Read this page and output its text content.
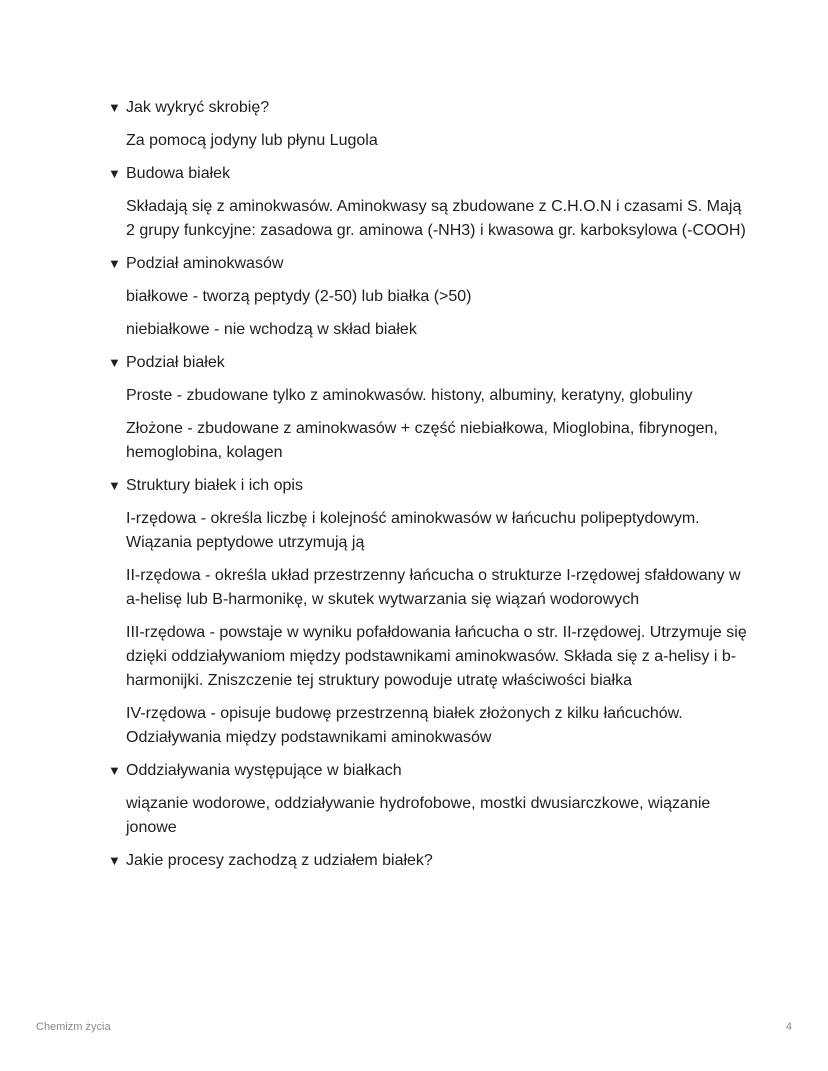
▼ Jak wykryć skrobię?

Za pomocą jodyny lub płynu Lugola

▼ Budowa białek

Składają się z aminokwasów. Aminokwasy są zbudowane z C.H.O.N i czasami S. Mają 2 grupy funkcyjne: zasadowa gr. aminowa (-NH3) i kwasowa gr. karboksylowa (-COOH)

▼ Podział aminokwasów

białkowe - tworzą peptydy (2-50) lub białka (>50)

niebiałkowe - nie wchodzą w skład białek

▼ Podział białek

Proste - zbudowane tylko z aminokwasów. histony, albuminy, keratyny, globuliny

Złożone - zbudowane z aminokwasów + część niebiałkowa, Mioglobina, fibrynogen, hemoglobina, kolagen

▼ Struktury białek i ich opis

I-rzędowa - określa liczbę i kolejność aminokwasów w łańcuchu polipeptydowym. Wiązania peptydowe utrzymują ją

II-rzędowa - określa układ przestrzenny łańcucha o strukturze I-rzędowej sfałdowany w a-helisę lub B-harmonikę, w skutek wytwarzania się wiązań wodorowych

III-rzędowa - powstaje w wyniku pofałdowania łańcucha o str. II-rzędowej. Utrzymuje się dzięki oddziaływaniom między podstawnikami aminokwasów. Składa się z a-helisy i b-harmonijki. Zniszczenie tej struktury powoduje utratę właściwości białka

IV-rzędowa - opisuje budowę przestrzenną białek złożonych z kilku łańcuchów. Odziaływania między podstawnikami aminokwasów

▼ Oddziaływania występujące w białkach

wiązanie wodorowe, oddziaływanie hydrofobowe, mostki dwusiarczkowe, wiązanie jonowe

▼ Jakie procesy zachodzą z udziałem białek?
Chemizm życia	4
